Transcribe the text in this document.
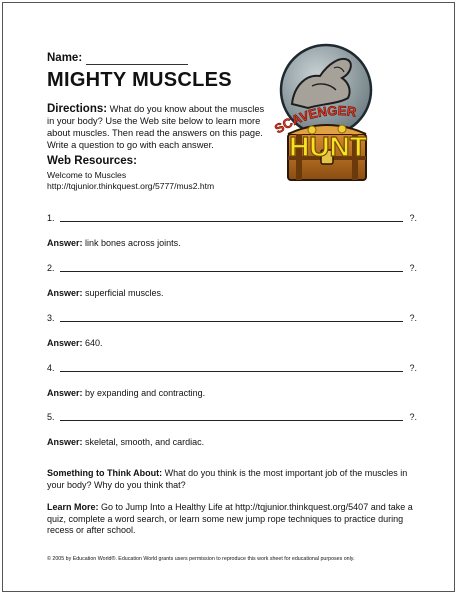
Name:
MIGHTY MUSCLES
Directions: What do you know about the muscles
in your body? Use the Web site below to learn more
about muscles. Then read the answers on this page.
Write a question to go with each answer.
Web Resources:
Welcome to Muscles
http://tqjunior.thinkquest.org/5777/mus2.htm
SCAVENGER
HUNT
1.	?.
Answer: link bones across joints.
2.	?.
Answer: superficial muscles.
3.	?.
Answer: 640.
4.	?.
Answer: by expanding and contracting.
5.	?.
Answer: skeletal, smooth, and cardiac.
Something to Think About: What do you think is the most important job of the muscles in
your body? Why do you think that?
Learn More: Go to Jump Into a Healthy Life at http://tqjunior.thinkquest.org/5407 and take a
quiz, complete a word search, or learn some new jump rope techniques to practice during
recess or after school.
© 2005 by Education World®. Education World grants users permission to reproduce this work sheet for educational purposes only.
